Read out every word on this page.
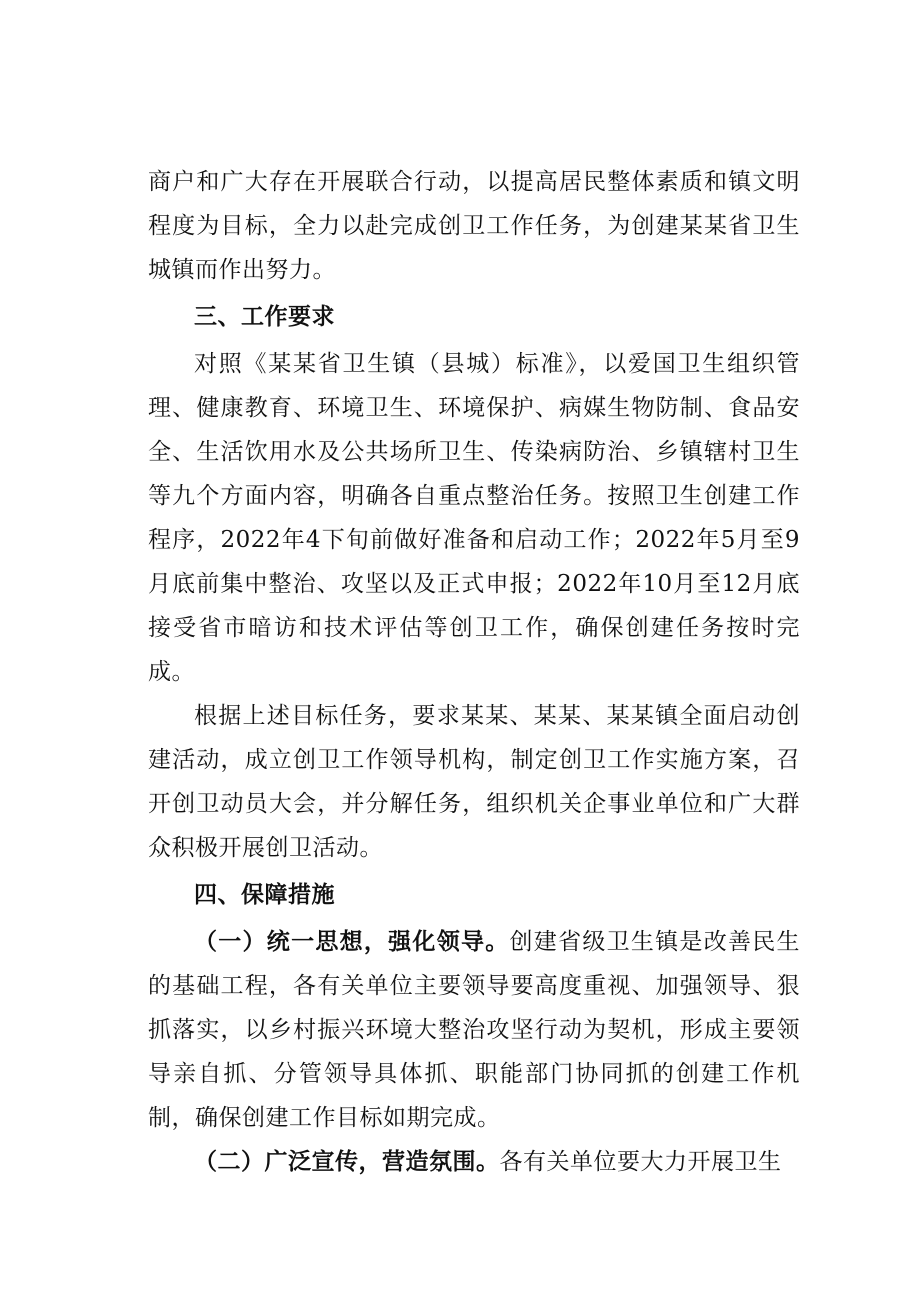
商户和广大存在开展联合行动，以提高居民整体素质和镇文明程度为目标，全力以赴完成创卫工作任务，为创建某某省卫生城镇而作出努力。

三、工作要求

对照《某某省卫生镇（县城）标准》，以爱国卫生组织管理、健康教育、环境卫生、环境保护、病媒生物防制、食品安全、生活饮用水及公共场所卫生、传染病防治、乡镇辖村卫生等九个方面内容，明确各自重点整治任务。按照卫生创建工作程序，2022年4下旬前做好准备和启动工作；2022年5月至9月底前集中整治、攻坚以及正式申报；2022年10月至12月底接受省市暗访和技术评估等创卫工作，确保创建任务按时完成。

根据上述目标任务，要求某某、某某、某某镇全面启动创建活动，成立创卫工作领导机构，制定创卫工作实施方案，召开创卫动员大会，并分解任务，组织机关企事业单位和广大群众积极开展创卫活动。

四、保障措施

（一）统一思想，强化领导。创建省级卫生镇是改善民生的基础工程，各有关单位主要领导要高度重视、加强领导、狠抓落实，以乡村振兴环境大整治攻坚行动为契机，形成主要领导亲自抓、分管领导具体抓、职能部门协同抓的创建工作机制，确保创建工作目标如期完成。

（二）广泛宣传，营造氛围。各有关单位要大力开展卫生
